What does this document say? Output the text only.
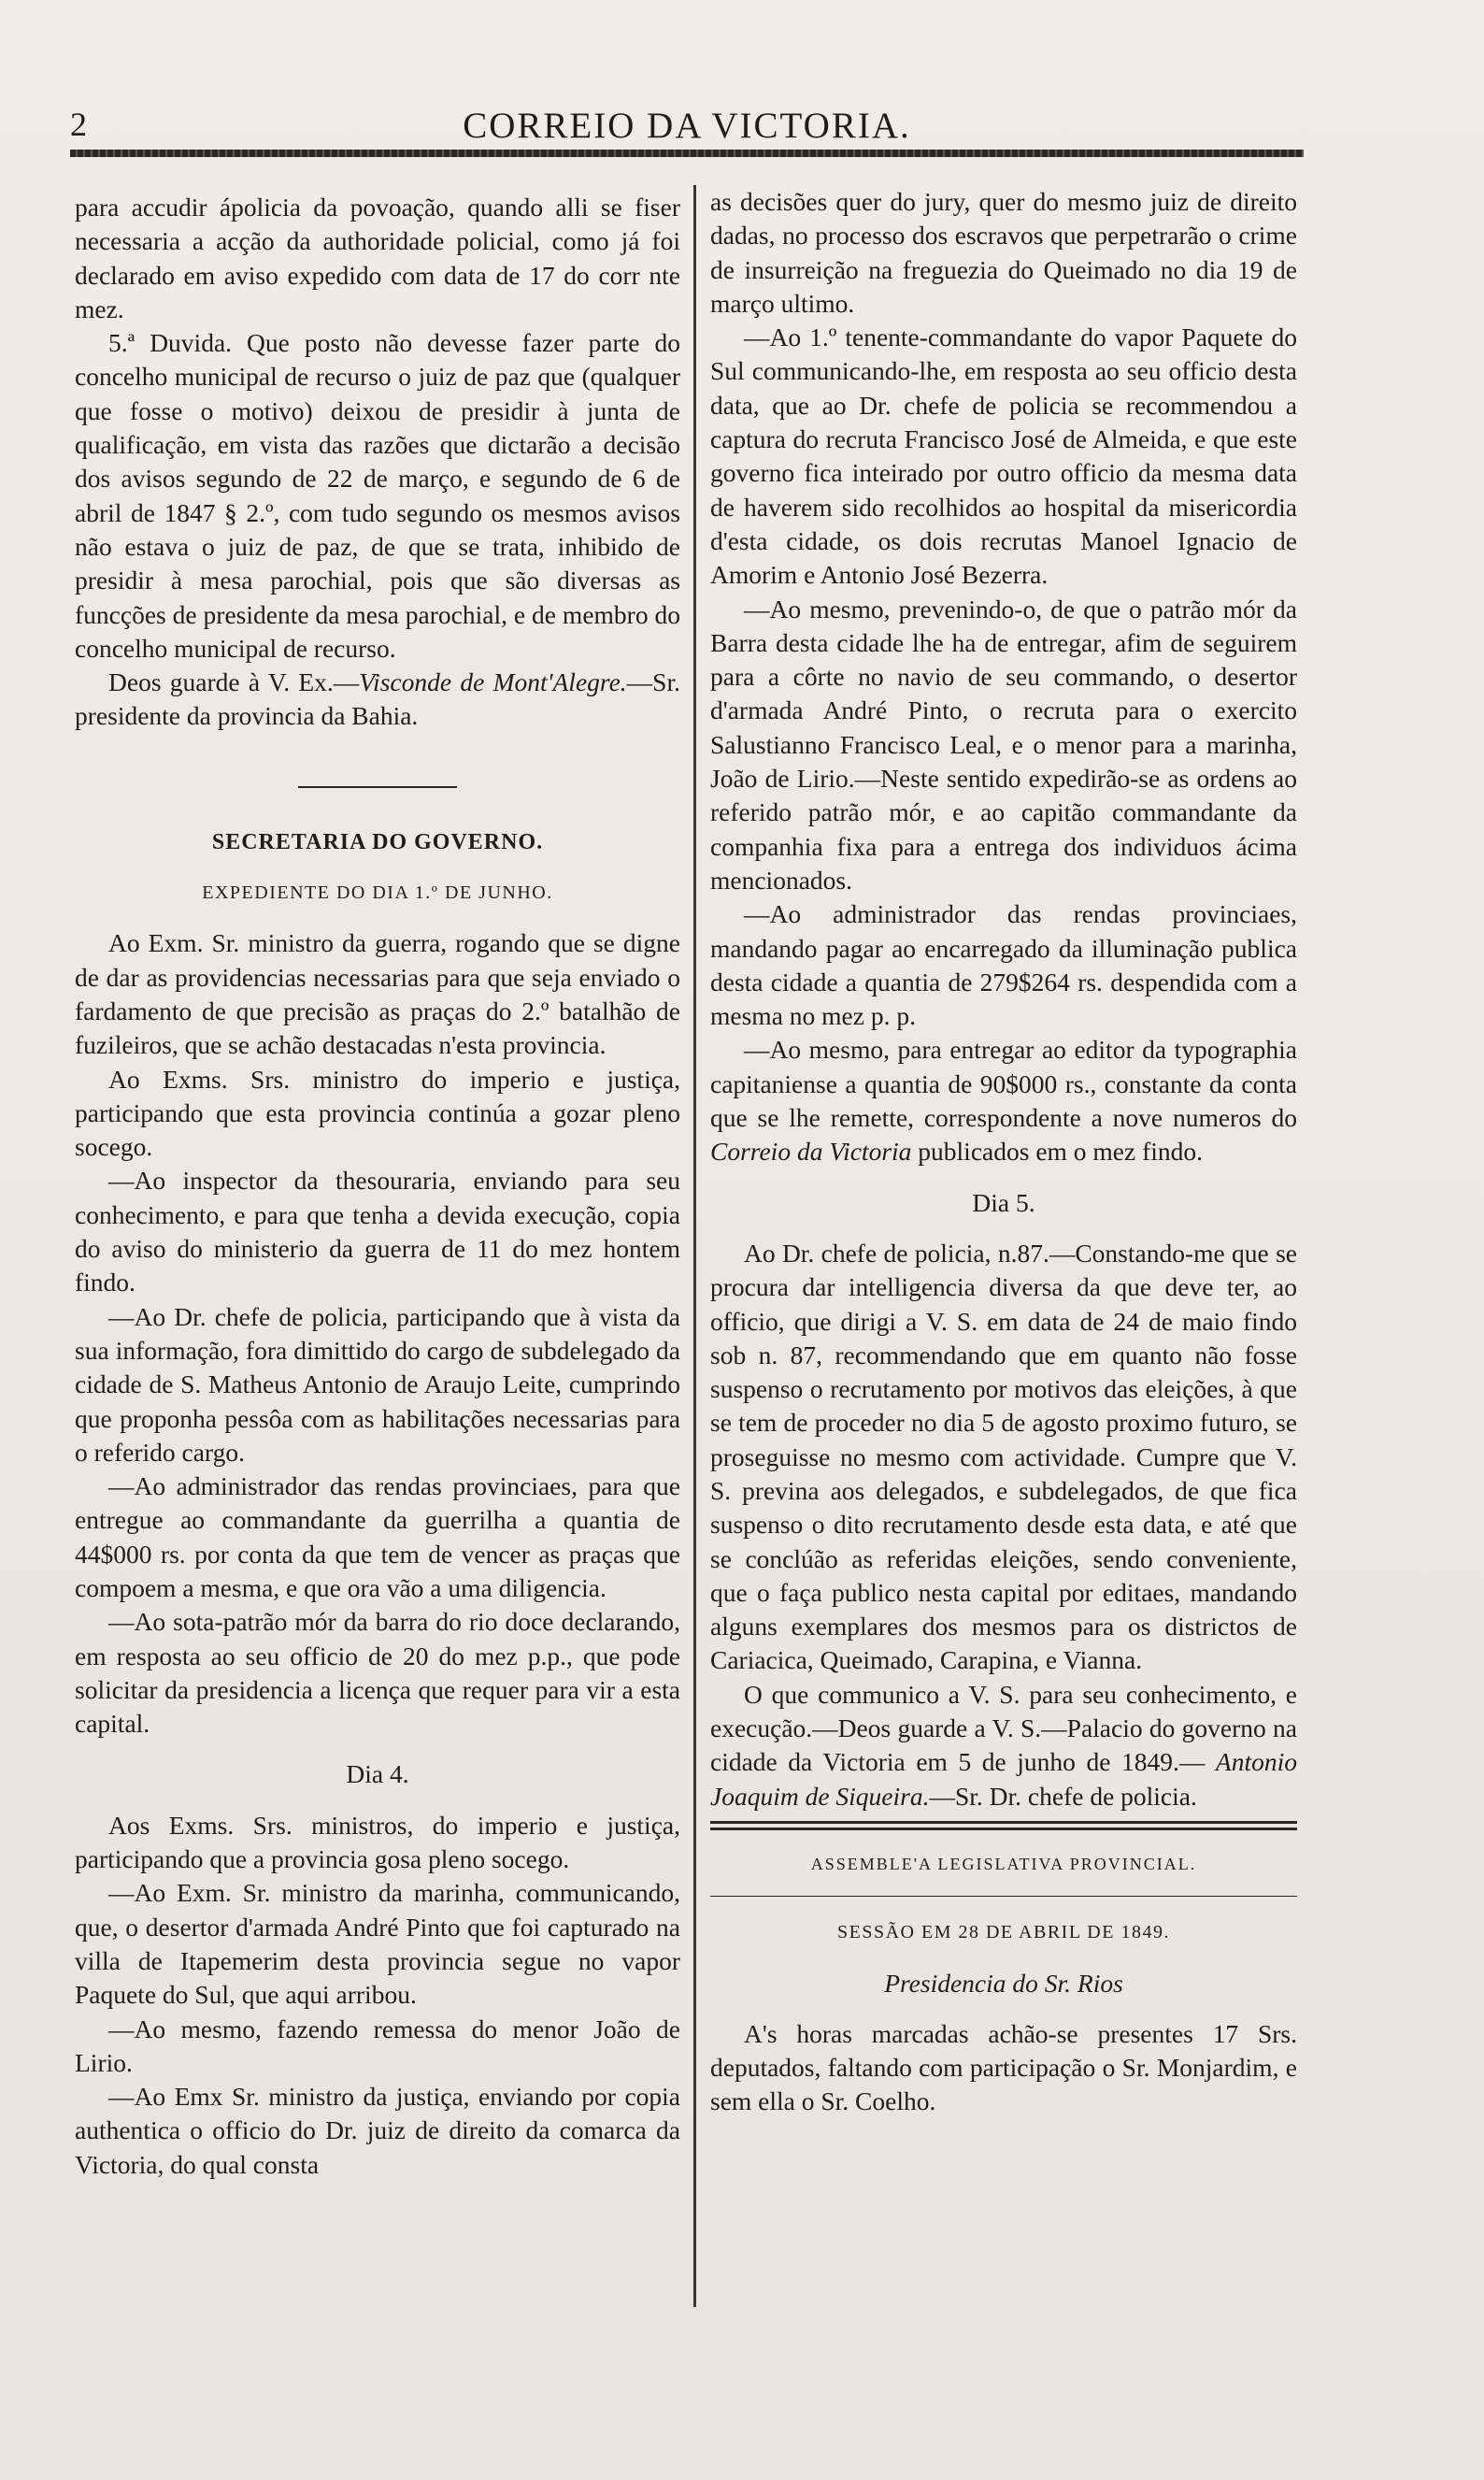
2	CORREIO DA VICTORIA.

para accudir ápolicia da povoação, quando alli se fiser necessaria a acção da authoridade policial, como já foi declarado em aviso expedido com data de 17 do corr nte mez.

5.ª Duvida. Que posto não devesse fazer parte do concelho municipal de recurso o juiz de paz que (qualquer que fosse o motivo) deixou de presidir à junta de qualificação, em vista das razões que dictarão a decisão dos avisos segundo de 22 de março, e segundo de 6 de abril de 1847 § 2.º, com tudo segundo os mesmos avisos não estava o juiz de paz, de que se trata, inhibido de presidir à mesa parochial, pois que são diversas as funcções de presidente da mesa parochial, e de membro do concelho municipal de recurso.

Deos guarde à V. Ex.—Visconde de Mont'Alegre.—Sr. presidente da provincia da Bahia.

SECRETARIA DO GOVERNO.

EXPEDIENTE DO DIA 1.º DE JUNHO.

Ao Exm. Sr. ministro da guerra, rogando que se digne de dar as providencias necessarias para que seja enviado o fardamento de que precisão as praças do 2.º batalhão de fuzileiros, que se achão destacadas n'esta provincia.

Ao Exms. Srs. ministro do imperio e justiça, participando que esta provincia continúa a gozar pleno socego.

—Ao inspector da thesouraria, enviando para seu conhecimento, e para que tenha a devida execução, copia do aviso do ministerio da guerra de 11 do mez hontem findo.

—Ao Dr. chefe de policia, participando que à vista da sua informação, fora dimittido do cargo de subdelegado da cidade de S. Matheus Antonio de Araujo Leite, cumprindo que proponha pessôa com as habilitações necessarias para o referido cargo.

—Ao administrador das rendas provinciaes, para que entregue ao commandante da guerrilha a quantia de 44$000 rs. por conta da que tem de vencer as praças que compoem a mesma, e que ora vão a uma diligencia.

—Ao sota-patrão mór da barra do rio doce declarando, em resposta ao seu officio de 20 do mez p.p., que pode solicitar da presidencia a licença que requer para vir a esta capital.

Dia 4.

Aos Exms. Srs. ministros, do imperio e justiça, participando que a provincia gosa pleno socego.

—Ao Exm. Sr. ministro da marinha, communicando, que, o desertor d'armada André Pinto que foi capturado na villa de Itapemerim desta provincia segue no vapor Paquete do Sul, que aqui arribou.

—Ao mesmo, fazendo remessa do menor João de Lirio.

—Ao Emx Sr. ministro da justiça, enviando por copia authentica o officio do Dr. juiz de direito da comarca da Victoria, do qual consta

as decisões quer do jury, quer do mesmo juiz de direito dadas, no processo dos escravos que perpetrarão o crime de insurreição na freguezia do Queimado no dia 19 de março ultimo.

—Ao 1.º tenente-commandante do vapor Paquete do Sul communicando-lhe, em resposta ao seu officio desta data, que ao Dr. chefe de policia se recommendou a captura do recruta Francisco José de Almeida, e que este governo fica inteirado por outro officio da mesma data de haverem sido recolhidos ao hospital da misericordia d'esta cidade, os dois recrutas Manoel Ignacio de Amorim e Antonio José Bezerra.

—Ao mesmo, prevenindo-o, de que o patrão mór da Barra desta cidade lhe ha de entregar, afim de seguirem para a côrte no navio de seu commando, o desertor d'armada André Pinto, o recruta para o exercito Salustianno Francisco Leal, e o menor para a marinha, João de Lirio.—Neste sentido expedirão-se as ordens ao referido patrão mór, e ao capitão commandante da companhia fixa para a entrega dos individuos ácima mencionados.

—Ao administrador das rendas provinciaes, mandando pagar ao encarregado da illuminação publica desta cidade a quantia de 279$264 rs. despendida com a mesma no mez p. p.

—Ao mesmo, para entregar ao editor da typographia capitaniense a quantia de 90$000 rs., constante da conta que se lhe remette, correspondente a nove numeros do Correio da Victoria publicados em o mez findo.

Dia 5.

Ao Dr. chefe de policia, n.87.—Constando-me que se procura dar intelligencia diversa da que deve ter, ao officio, que dirigi a V. S. em data de 24 de maio findo sob n. 87, recommendando que em quanto não fosse suspenso o recrutamento por motivos das eleições, à que se tem de proceder no dia 5 de agosto proximo futuro, se proseguisse no mesmo com actividade. Cumpre que V. S. previna aos delegados, e subdelegados, de que fica suspenso o dito recrutamento desde esta data, e até que se conclúão as referidas eleições, sendo conveniente, que o faça publico nesta capital por editaes, mandando alguns exemplares dos mesmos para os districtos de Cariacica, Queimado, Carapina, e Vianna.

O que communico a V. S. para seu conhecimento, e execução.—Deos guarde a V. S.—Palacio do governo na cidade da Victoria em 5 de junho de 1849.— Antonio Joaquim de Siqueira.—Sr. Dr. chefe de policia.

ASSEMBLE'A LEGISLATIVA PROVINCIAL.

SESSÃO EM 28 DE ABRIL DE 1849.

Presidencia do Sr. Rios

A's horas marcadas achão-se presentes 17 Srs. deputados, faltando com participação o Sr. Monjardim, e sem ella o Sr. Coelho.
